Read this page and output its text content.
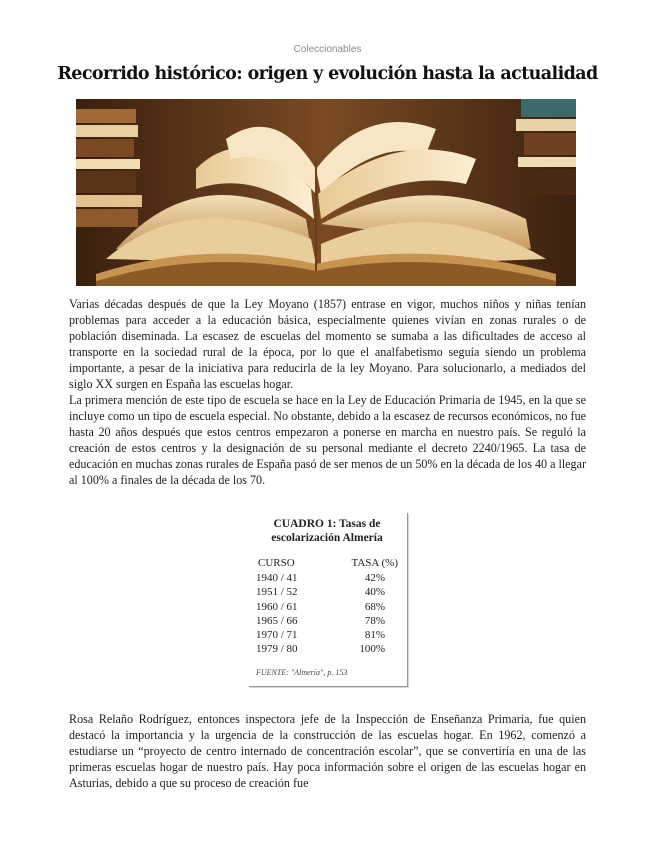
Coleccionables
Recorrido histórico: origen y evolución hasta la actualidad

Varias décadas después de que la Ley Moyano (1857) entrase en vigor, muchos niños y niñas tenían problemas para acceder a la educación básica, especialmente quienes vivían en zonas rurales o de población diseminada. La escasez de escuelas del momento se sumaba a las dificultades de acceso al transporte en la sociedad rural de la época, por lo que el analfabetismo seguía siendo un problema importante, a pesar de la iniciativa para reducirla de la ley Moyano. Para solucionarlo, a mediados del siglo XX surgen en España las escuelas hogar.

La primera mención de este tipo de escuela se hace en la Ley de Educación Primaria de 1945, en la que se incluye como un tipo de escuela especial. No obstante, debido a la escasez de recursos económicos, no fue hasta 20 años después que estos centros empezaron a ponerse en marcha en nuestro país. Se reguló la creación de estos centros y la designación de su personal mediante el decreto 2240/1965. La tasa de educación en muchas zonas rurales de España pasó de ser menos de un 50% en la década de los 40 a llegar al 100% a finales de la década de los 70.

CUADRO 1: Tasas de
escolarización Almería
CURSO	TASA (%)
1940 / 41	42%
1951 / 52	40%
1960 / 61	68%
1965 / 66	78%
1970 / 71	81%
1979 / 80	100%
FUENTE: "Almería", p. 153

Rosa Relaño Rodríguez, entonces inspectora jefe de la Inspección de Enseñanza Primaria, fue quien destacó la importancia y la urgencia de la construcción de las escuelas hogar. En 1962, comenzó a estudiarse un “proyecto de centro internado de concentración escolar”, que se convertiría en una de las primeras escuelas hogar de nuestro país. Hay poca información sobre el origen de las escuelas hogar en Asturias, debido a que su proceso de creación fue
